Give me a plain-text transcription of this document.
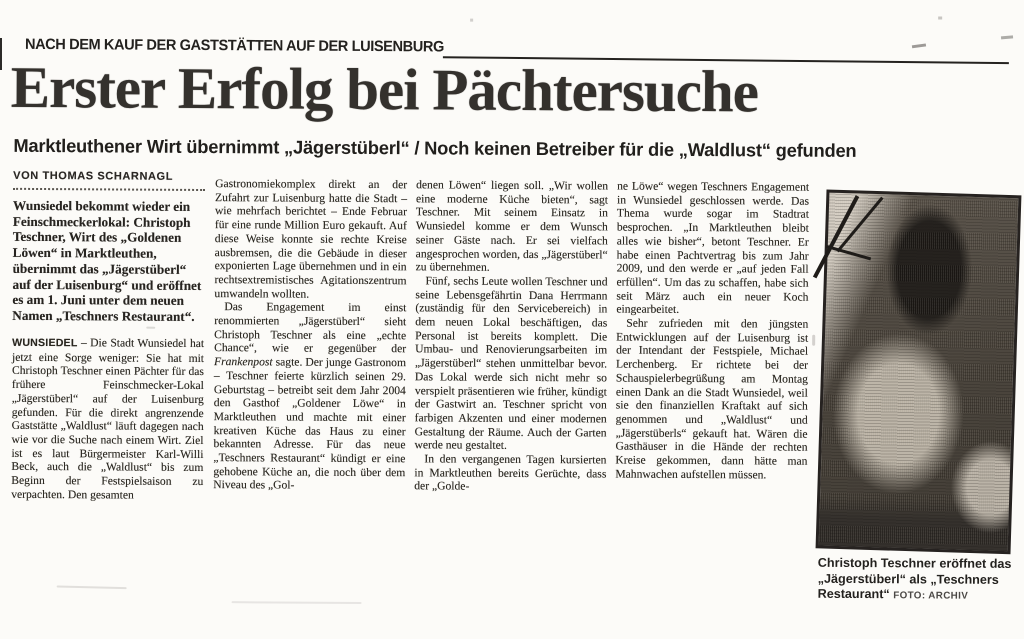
NACH DEM KAUF DER GASTSTÄTTEN AUF DER LUISENBURG
Erster Erfolg bei Pächtersuche
Marktleuthener Wirt übernimmt „Jägerstüberl“ / Noch keinen Betreiber für die „Waldlust“ gefunden
VON THOMAS SCHARNAGL

Wunsiedel bekommt wieder ein Feinschmeckerlokal: Christoph Teschner, Wirt des „Goldenen Löwen“ in Marktleuthen, übernimmt das „Jägerstüberl“ auf der Luisenburg“ und eröffnet es am 1. Juni unter dem neuen Namen „Teschners Restaurant“.

WUNSIEDEL – Die Stadt Wunsiedel hat jetzt eine Sorge weniger: Sie hat mit Christoph Teschner einen Pächter für das frühere Feinschmecker-Lokal „Jägerstüberl“ auf der Luisenburg gefunden. Für die direkt angrenzende Gaststätte „Waldlust“ läuft dagegen nach wie vor die Suche nach einem Wirt. Ziel ist es laut Bürgermeister Karl-Willi Beck, auch die „Waldlust“ bis zum Beginn der Festspielsaison zu verpachten. Den gesamten

Gastronomiekomplex direkt an der Zufahrt zur Luisenburg hatte die Stadt – wie mehrfach berichtet – Ende Februar für eine runde Million Euro gekauft. Auf diese Weise konnte sie rechte Kreise ausbremsen, die die Gebäude in dieser exponierten Lage übernehmen und in ein rechtsextremistisches Agitationszentrum umwandeln wollten.

Das Engagement im einst renommierten „Jägerstüberl“ sieht Christoph Teschner als eine „echte Chance“, wie er gegenüber der Frankenpost sagte. Der junge Gastronom – Teschner feierte kürzlich seinen 29. Geburtstag – betreibt seit dem Jahr 2004 den Gasthof „Goldener Löwe“ in Marktleuthen und machte mit einer kreativen Küche das Haus zu einer bekannten Adresse. Für das neue „Teschners Restaurant“ kündigt er eine gehobene Küche an, die noch über dem Niveau des „Gol-

denen Löwen“ liegen soll. „Wir wollen eine moderne Küche bieten“, sagt Teschner. Mit seinem Einsatz in Wunsiedel komme er dem Wunsch seiner Gäste nach. Er sei vielfach angesprochen worden, das „Jägerstüberl“ zu übernehmen.

Fünf, sechs Leute wollen Teschner und seine Lebensgefährtin Dana Herrmann (zuständig für den Servicebereich) in dem neuen Lokal beschäftigen, das Personal ist bereits komplett. Die Umbau- und Renovierungsarbeiten im „Jägerstüberl“ stehen unmittelbar bevor. Das Lokal werde sich nicht mehr so verspielt präsentieren wie früher, kündigt der Gastwirt an. Teschner spricht von farbigen Akzenten und einer modernen Gestaltung der Räume. Auch der Garten werde neu gestaltet.

In den vergangenen Tagen kursierten in Marktleuthen bereits Gerüchte, dass der „Golde-

ne Löwe“ wegen Teschners Engagement in Wunsiedel geschlossen werde. Das Thema wurde sogar im Stadtrat besprochen. „In Marktleuthen bleibt alles wie bisher“, betont Teschner. Er habe einen Pachtvertrag bis zum Jahr 2009, und den werde er „auf jeden Fall erfüllen“. Um das zu schaffen, habe sich seit März auch ein neuer Koch eingearbeitet.

Sehr zufrieden mit den jüngsten Entwicklungen auf der Luisenburg ist der Intendant der Festspiele, Michael Lerchenberg. Er richtete bei der Schauspielerbegrüßung am Montag einen Dank an die Stadt Wunsiedel, weil sie den finanziellen Kraftakt auf sich genommen und „Waldlust“ und „Jägerstüberls“ gekauft hat. Wären die Gasthäuser in die Hände der rechten Kreise gekommen, dann hätte man Mahnwachen aufstellen müssen.

Christoph Teschner eröffnet das „Jägerstüberl“ als „Teschners Restaurant“ FOTO: ARCHIV
